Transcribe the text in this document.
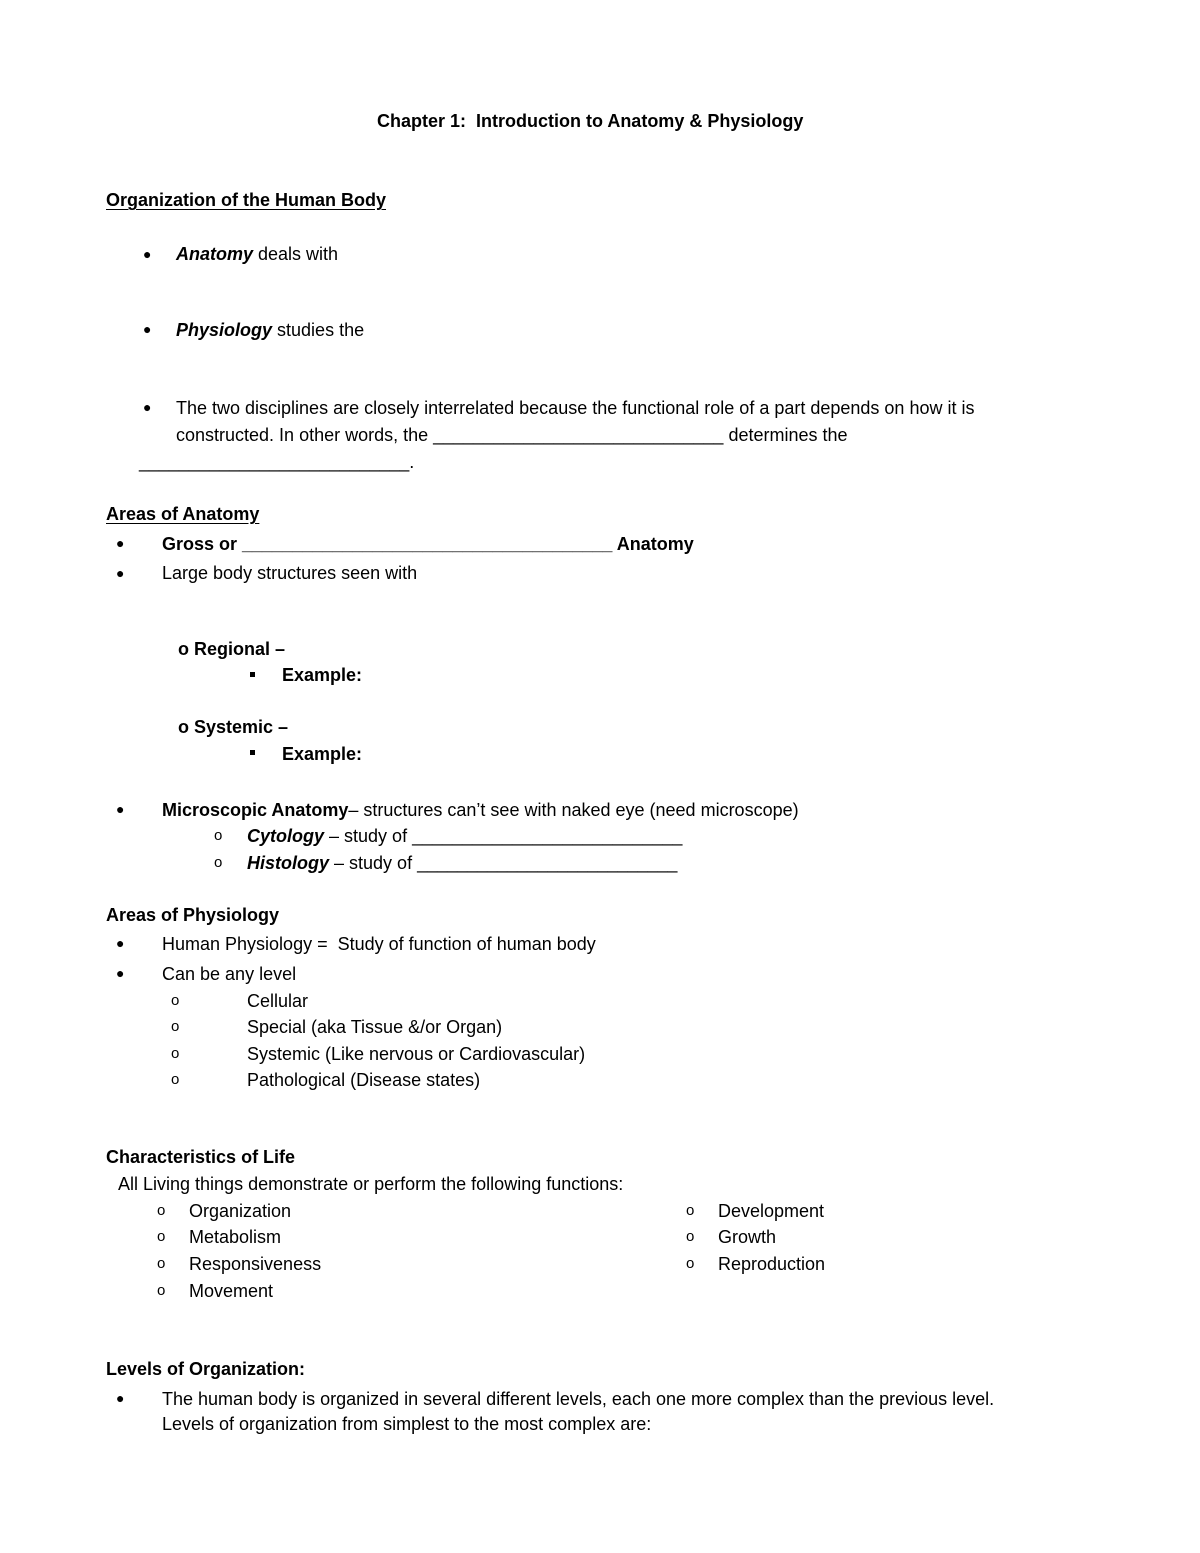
Chapter 1:  Introduction to Anatomy & Physiology
Organization of the Human Body
● Anatomy deals with
● Physiology studies the
● The two disciplines are closely interrelated because the functional role of a part depends on how it is
constructed. In other words, the _____________________________ determines the
___________________________.
Areas of Anatomy
● Gross or _____________________________________ Anatomy
● Large body structures seen with
o Regional –
Example:
o Systemic –
Example:
● Microscopic Anatomy– structures can’t see with naked eye (need microscope)
o Cytology – study of ___________________________
o Histology – study of __________________________
Areas of Physiology
● Human Physiology =  Study of function of human body
● Can be any level
o	Cellular
o	Special (aka Tissue &/or Organ)
o	Systemic (Like nervous or Cardiovascular)
o	Pathological (Disease states)
Characteristics of Life
All Living things demonstrate or perform the following functions:
o Organization
o Metabolism
o Responsiveness
o Movement
o Development
o Growth
o Reproduction
Levels of Organization:
● The human body is organized in several different levels, each one more complex than the previous level.
Levels of organization from simplest to the most complex are:
